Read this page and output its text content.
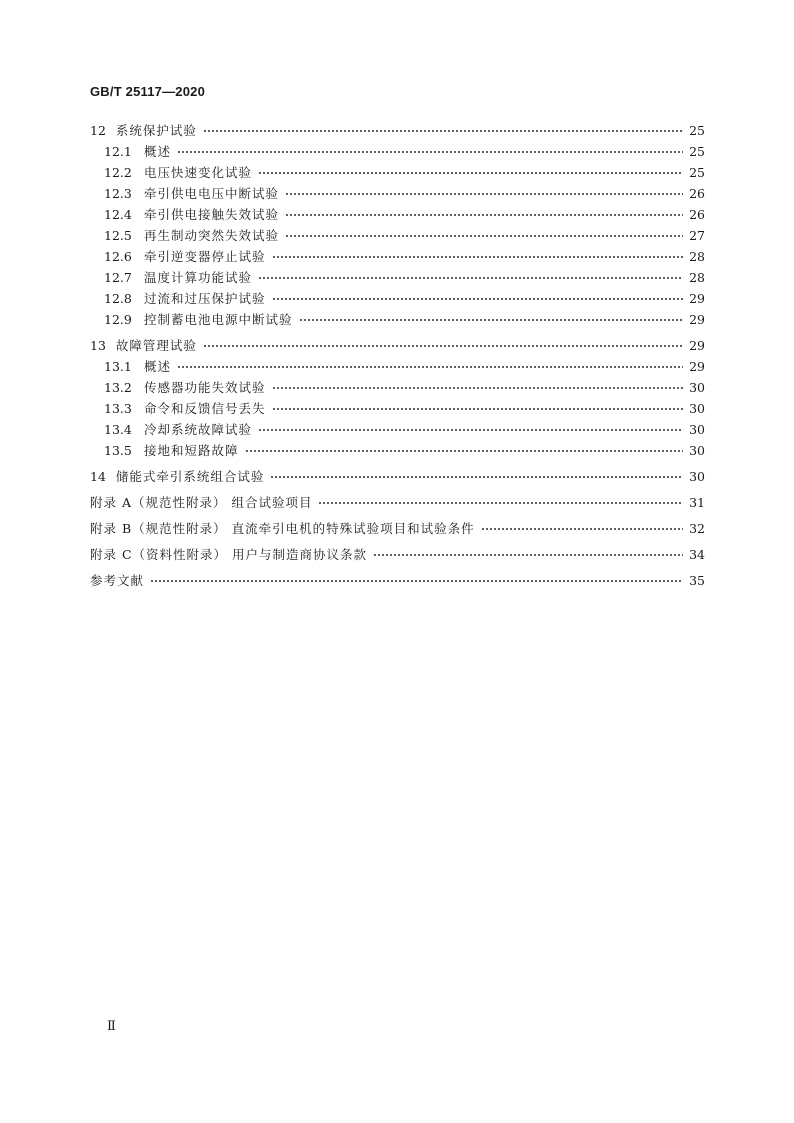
GB/T 25117—2020
12 系统保护试验	25
12.1 概述	25
12.2 电压快速变化试验	25
12.3 牵引供电电压中断试验	26
12.4 牵引供电接触失效试验	26
12.5 再生制动突然失效试验	27
12.6 牵引逆变器停止试验	28
12.7 温度计算功能试验	28
12.8 过流和过压保护试验	29
12.9 控制蓄电池电源中断试验	29
13 故障管理试验	29
13.1 概述	29
13.2 传感器功能失效试验	30
13.3 命令和反馈信号丢失	30
13.4 冷却系统故障试验	30
13.5 接地和短路故障	30
14 储能式牵引系统组合试验	30
附录 A（规范性附录） 组合试验项目	31
附录 B（规范性附录） 直流牵引电机的特殊试验项目和试验条件	32
附录 C（资料性附录） 用户与制造商协议条款	34
参考文献	35
Ⅱ
